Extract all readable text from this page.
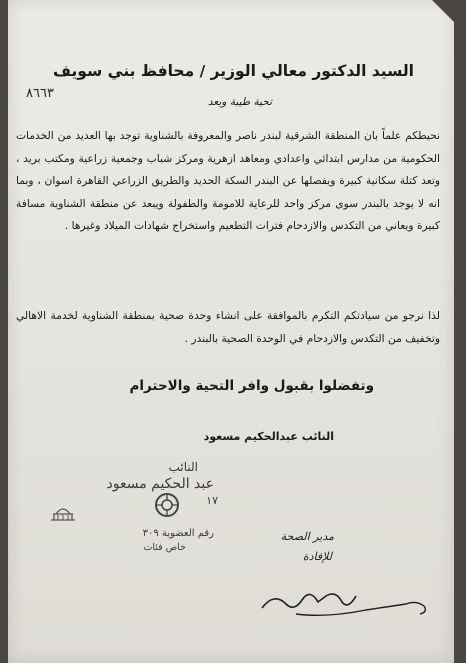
السيد الدكتور معالي الوزير / محافظ بني سويف
٨٦٦٣
تحية طيبة وبعد
نحيطكم علماً بان المنطقة الشرقية لبندر ناصر والمعروفة بالشناوية توجد بها العديد من الخدمات الحكومية من مدارس ابتدائي واعدادي ومعاهد ازهرية ومركز شباب وجمعية زراعية ومكتب بريد ، وتعد كتلة سكانية كبيرة ويفصلها عن البندر السكة الحديد والطريق الزراعي القاهرة اسوان ، وبما انه لا يوجد بالبندر سوى مركز واحد للرعاية للامومة والطفولة ويبعد عن منطقة الشناوية مسافة كبيرة ويعاني من التكدس والازدحام فترات التطعيم واستخراج شهادات الميلاد وغيرها .
لذا نرجو من سيادتكم التكرم بالموافقة على انشاء وحدة صحية بمنطقة الشناوية لخدمة الاهالي وتخفيف من التكدس والازدحام في الوحدة الصحية بالبندر .
وتفضلوا بقبول وافر التحية والاحترام
النائب عبدالحكيم مسعود
النائب
عبد الحكيم مسعود
١٧
رقم العضوية ٣٠٩
خاص فئات
مدير الصحة
للإفادة
